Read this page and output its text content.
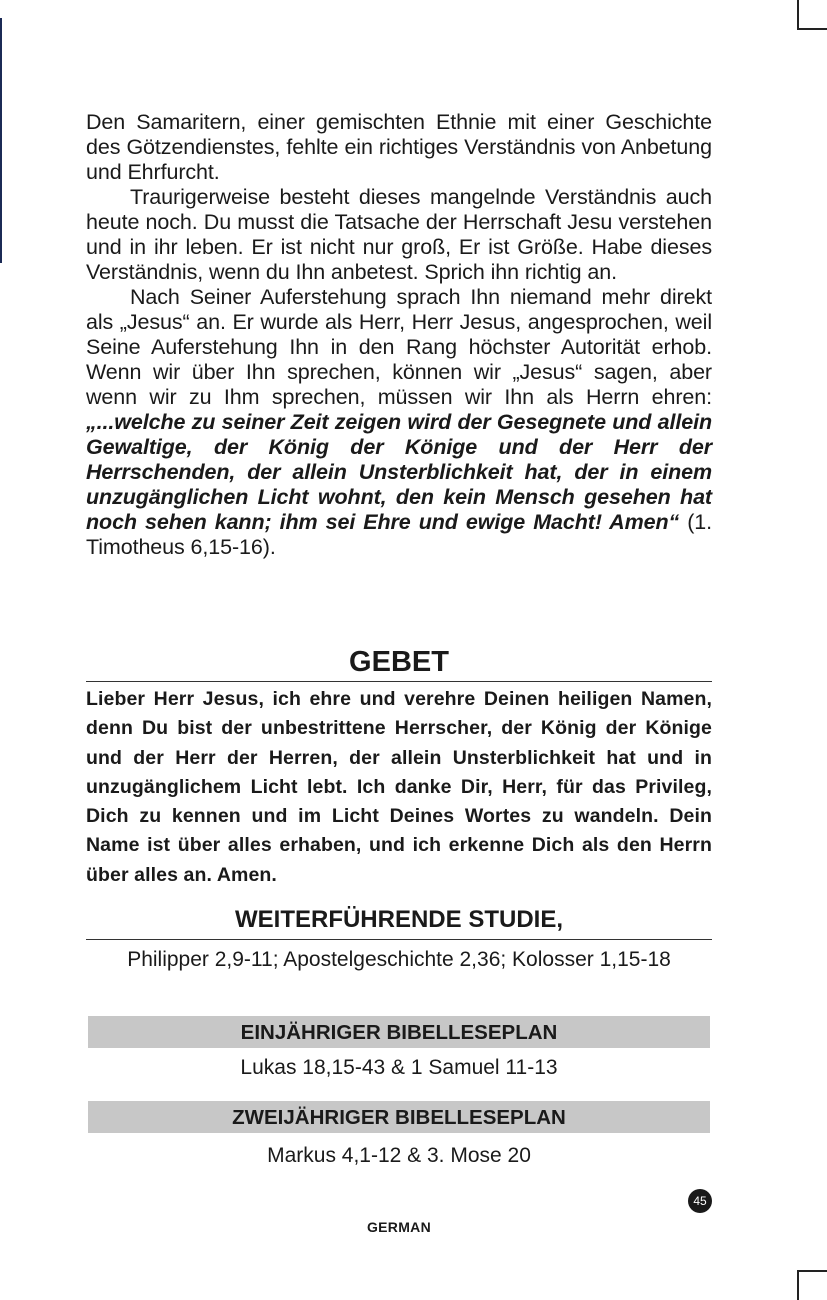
Den Samaritern, einer gemischten Ethnie mit einer Geschichte des Götzendienstes, fehlte ein richtiges Verständnis von Anbetung und Ehrfurcht.

Traurigerweise besteht dieses mangelnde Verständnis auch heute noch. Du musst die Tatsache der Herrschaft Jesu verstehen und in ihr leben. Er ist nicht nur groß, Er ist Größe. Habe dieses Verständnis, wenn du Ihn anbetest. Sprich ihn richtig an.

Nach Seiner Auferstehung sprach Ihn niemand mehr direkt als „Jesus“ an. Er wurde als Herr, Herr Jesus, angesprochen, weil Seine Auferstehung Ihn in den Rang höchster Autorität erhob. Wenn wir über Ihn sprechen, können wir „Jesus“ sagen, aber wenn wir zu Ihm sprechen, müssen wir Ihn als Herrn ehren: „...welche zu seiner Zeit zeigen wird der Gesegnete und allein Gewaltige, der König der Könige und der Herr der Herrschenden, der allein Unsterblichkeit hat, der in einem unzugänglichen Licht wohnt, den kein Mensch gesehen hat noch sehen kann; ihm sei Ehre und ewige Macht! Amen“ (1. Timotheus 6,15-16).

GEBET

Lieber Herr Jesus, ich ehre und verehre Deinen heiligen Namen, denn Du bist der unbestrittene Herrscher, der König der Könige und der Herr der Herren, der allein Unsterblichkeit hat und in unzugänglichem Licht lebt. Ich danke Dir, Herr, für das Privileg, Dich zu kennen und im Licht Deines Wortes zu wandeln. Dein Name ist über alles erhaben, und ich erkenne Dich als den Herrn über alles an. Amen.

WEITERFÜHRENDE STUDIE,
Philipper 2,9-11; Apostelgeschichte 2,36; Kolosser 1,15-18
EINJÄHRIGER BIBELLESEPLAN
Lukas 18,15-43 & 1 Samuel 11-13
ZWEIJÄHRIGER BIBELLESEPLAN
Markus 4,1-12 & 3. Mose 20
45
GERMAN
